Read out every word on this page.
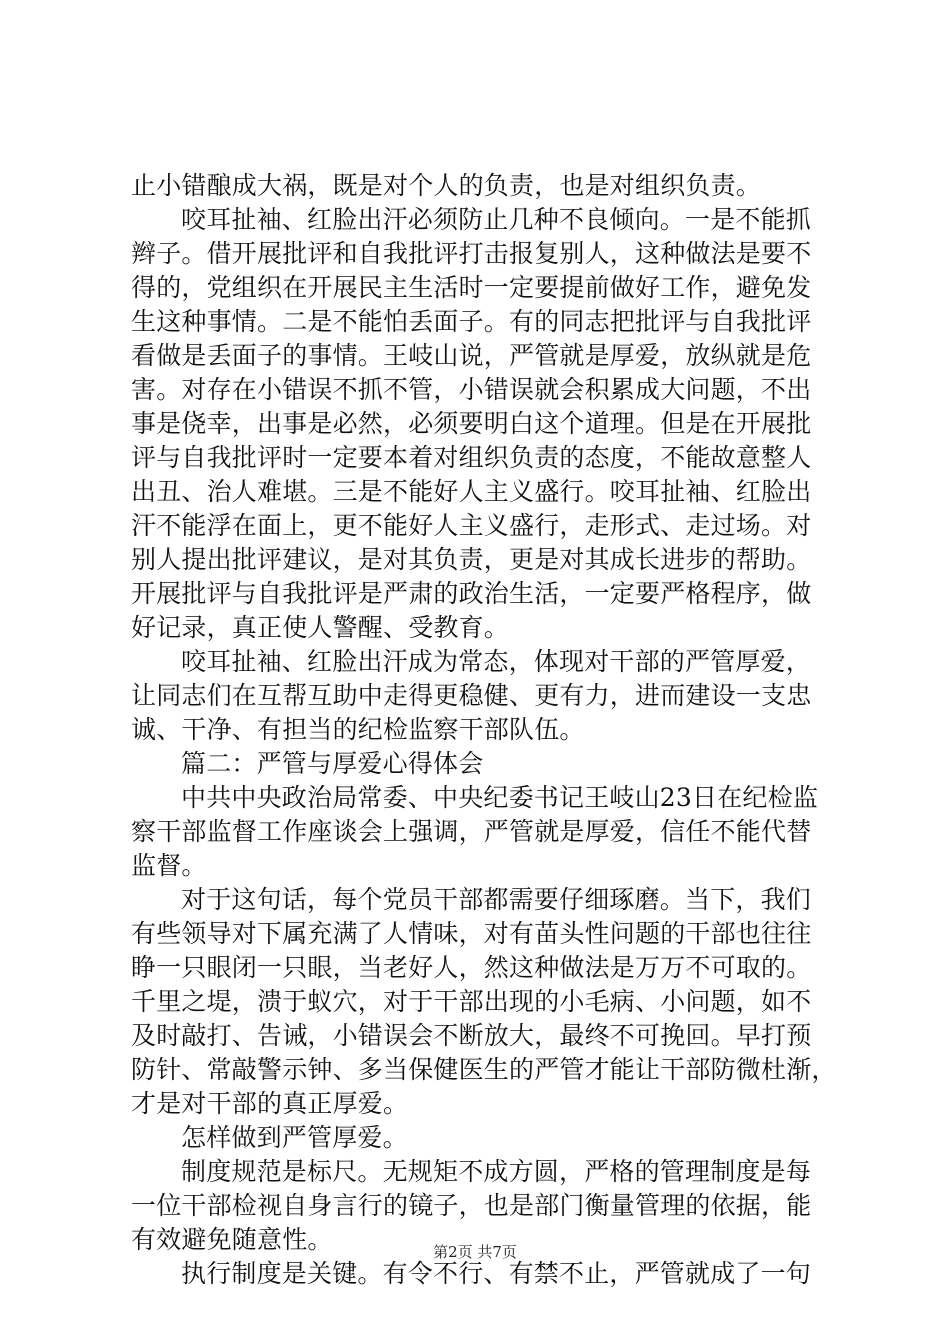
止小错酿成大祸，既是对个人的负责，也是对组织负责。
咬耳扯袖、红脸出汗必须防止几种不良倾向。一是不能抓
辫子。借开展批评和自我批评打击报复别人，这种做法是要不
得的，党组织在开展民主生活时一定要提前做好工作，避免发
生这种事情。二是不能怕丢面子。有的同志把批评与自我批评
看做是丢面子的事情。王岐山说，严管就是厚爱，放纵就是危
害。对存在小错误不抓不管，小错误就会积累成大问题，不出
事是侥幸，出事是必然，必须要明白这个道理。但是在开展批
评与自我批评时一定要本着对组织负责的态度，不能故意整人
出丑、治人难堪。三是不能好人主义盛行。咬耳扯袖、红脸出
汗不能浮在面上，更不能好人主义盛行，走形式、走过场。对
别人提出批评建议，是对其负责，更是对其成长进步的帮助。
开展批评与自我批评是严肃的政治生活，一定要严格程序，做
好记录，真正使人警醒、受教育。
咬耳扯袖、红脸出汗成为常态，体现对干部的严管厚爱，
让同志们在互帮互助中走得更稳健、更有力，进而建设一支忠
诚、干净、有担当的纪检监察干部队伍。
篇二：严管与厚爱心得体会
中共中央政治局常委、中央纪委书记王岐山23日在纪检监
察干部监督工作座谈会上强调，严管就是厚爱，信任不能代替
监督。
对于这句话，每个党员干部都需要仔细琢磨。当下，我们
有些领导对下属充满了人情味，对有苗头性问题的干部也往往
睁一只眼闭一只眼，当老好人，然这种做法是万万不可取的。
千里之堤，溃于蚁穴，对于干部出现的小毛病、小问题，如不
及时敲打、告诫，小错误会不断放大，最终不可挽回。早打预
防针、常敲警示钟、多当保健医生的严管才能让干部防微杜渐，
才是对干部的真正厚爱。
怎样做到严管厚爱。
制度规范是标尺。无规矩不成方圆，严格的管理制度是每
一位干部检视自身言行的镜子，也是部门衡量管理的依据，能
有效避免随意性。
执行制度是关键。有令不行、有禁不止，严管就成了一句
第2页 共7页
